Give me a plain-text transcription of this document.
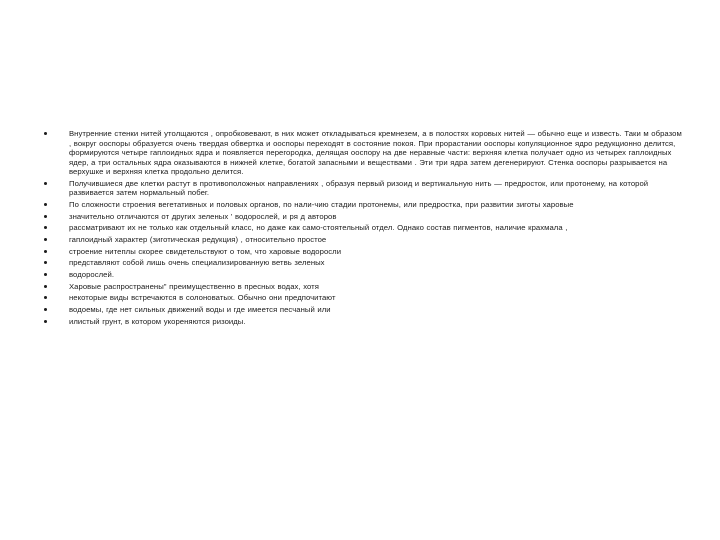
Внутренние стенки нитей утолщаются , опробковевают, в них может откладываться кремнезем, а в полостях коровых нитей — обычно еще и известь. Таки м образом , вокруг ооспоры образуется очень твердая обвертка и ооспоры переходят в состояние покоя. При прорастании ооспоры копуляционное ядро редукционно делится, формируются четыре гаплоидных ядра и появляется перегородка, делящая ооспору на две неравные части: верхняя клетка получает одно из четырех гаплоидных ядер, а три остальных ядра оказываются в нижней клетке, богатой запасными и веществами . Эти три ядра затем дегенерируют. Стенка ооспоры разрывается на верхушке и верхняя клетка продольно делится.
Получившиеся две клетки растут в противоположных направлениях , образуя первый ризоид и вертикальную нить — предросток, или протонему, на которой развивается затем нормальный побег.
По сложности строения вегетативных и половых органов, по нали-чию стадии протонемы, или предростка, при развитии зиготы харовые
значительно отличаются от других зеленых ' водорослей, и ря д авторов
рассматривают их не только как отдельный класс, но даже как само-стоятельный отдел. Однако состав пигментов, наличие крахмала ,
гаплоидный характер (зиготическая редукция) , относительно простое
строение нитеплы скорее свидетельствуют о том, что харовые водоросли
представляют собой лишь очень специализированную ветвь зеленых
водорослей.
Харовые распространены" преимущественно в пресных водах, хотя
некоторые виды встречаются в солоноватых. Обычно они предпочитают
водоемы, где нет сильных движений воды и где имеется песчаный или
илистый грунт, в котором укореняются ризоиды.
